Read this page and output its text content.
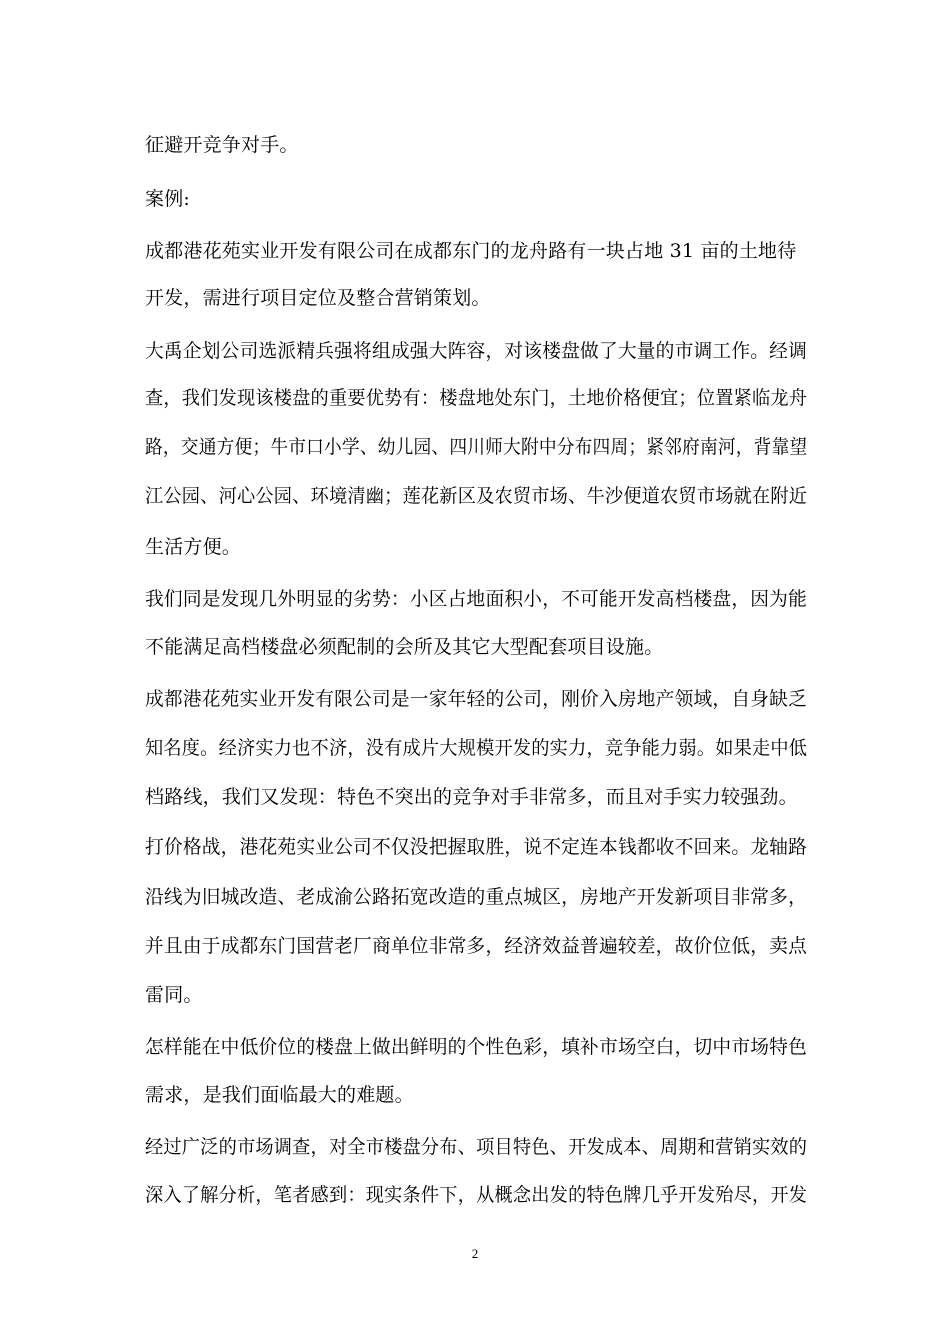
征避开竞争对手。
案例:
成都港花苑实业开发有限公司在成都东门的龙舟路有一块占地 31 亩的土地待
开发，需进行项目定位及整合营销策划。
大禹企划公司选派精兵强将组成强大阵容，对该楼盘做了大量的市调工作。经调
查，我们发现该楼盘的重要优势有：楼盘地处东门，土地价格便宜；位置紧临龙舟
路，交通方便；牛市口小学、幼儿园、四川师大附中分布四周；紧邻府南河，背靠望
江公园、河心公园、环境清幽；莲花新区及农贸市场、牛沙便道农贸市场就在附近
生活方便。
我们同是发现几外明显的劣势：小区占地面积小，不可能开发高档楼盘，因为能
不能满足高档楼盘必须配制的会所及其它大型配套项目设施。
成都港花苑实业开发有限公司是一家年轻的公司，刚价入房地产领域，自身缺乏
知名度。经济实力也不济，没有成片大规模开发的实力，竞争能力弱。如果走中低
档路线，我们又发现：特色不突出的竞争对手非常多，而且对手实力较强劲。
打价格战，港花苑实业公司不仅没把握取胜，说不定连本钱都收不回来。龙轴路
沿线为旧城改造、老成渝公路拓宽改造的重点城区，房地产开发新项目非常多，
并且由于成都东门国营老厂商单位非常多，经济效益普遍较差，故价位低，卖点
雷同。
怎样能在中低价位的楼盘上做出鲜明的个性色彩，填补市场空白，切中市场特色
需求，是我们面临最大的难题。
经过广泛的市场调查，对全市楼盘分布、项目特色、开发成本、周期和营销实效的
深入了解分析，笔者感到：现实条件下，从概念出发的特色牌几乎开发殆尽，开发
2
